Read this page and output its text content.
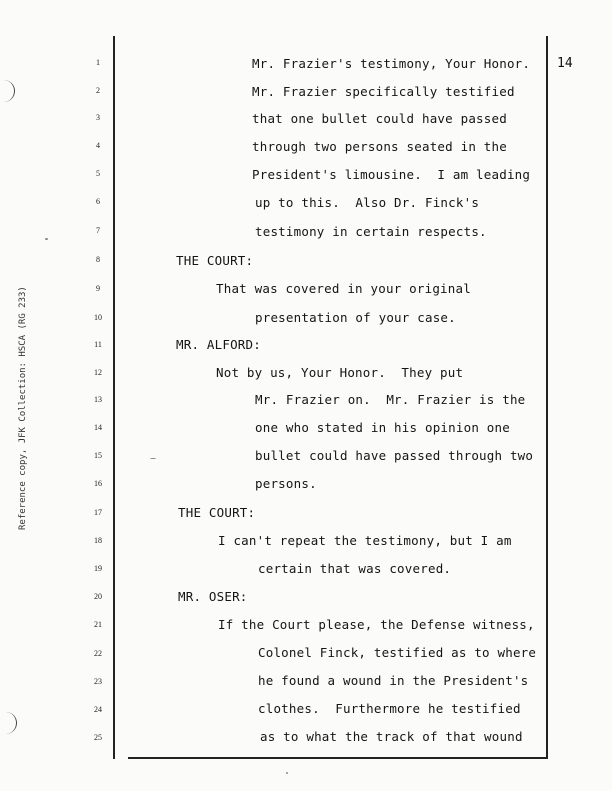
14
Reference copy, JFK Collection: HSCA (RG 233)
1
2
3
4
5
6
7
8
9
10
11
12
13
14
15
16
17
18
19
20
21
22
23
24
25
Mr. Frazier's testimony, Your Honor.
Mr. Frazier specifically testified
that one bullet could have passed
through two persons seated in the
President's limousine.  I am leading
up to this.  Also Dr. Finck's
testimony in certain respects.
THE COURT:
That was covered in your original
presentation of your case.
MR. ALFORD:
Not by us, Your Honor.  They put
Mr. Frazier on.  Mr. Frazier is the
one who stated in his opinion one
bullet could have passed through two
persons.
THE COURT:
I can't repeat the testimony, but I am
certain that was covered.
MR. OSER:
If the Court please, the Defense witness,
Colonel Finck, testified as to where
he found a wound in the President's
clothes.  Furthermore he testified
as to what the track of that wound
